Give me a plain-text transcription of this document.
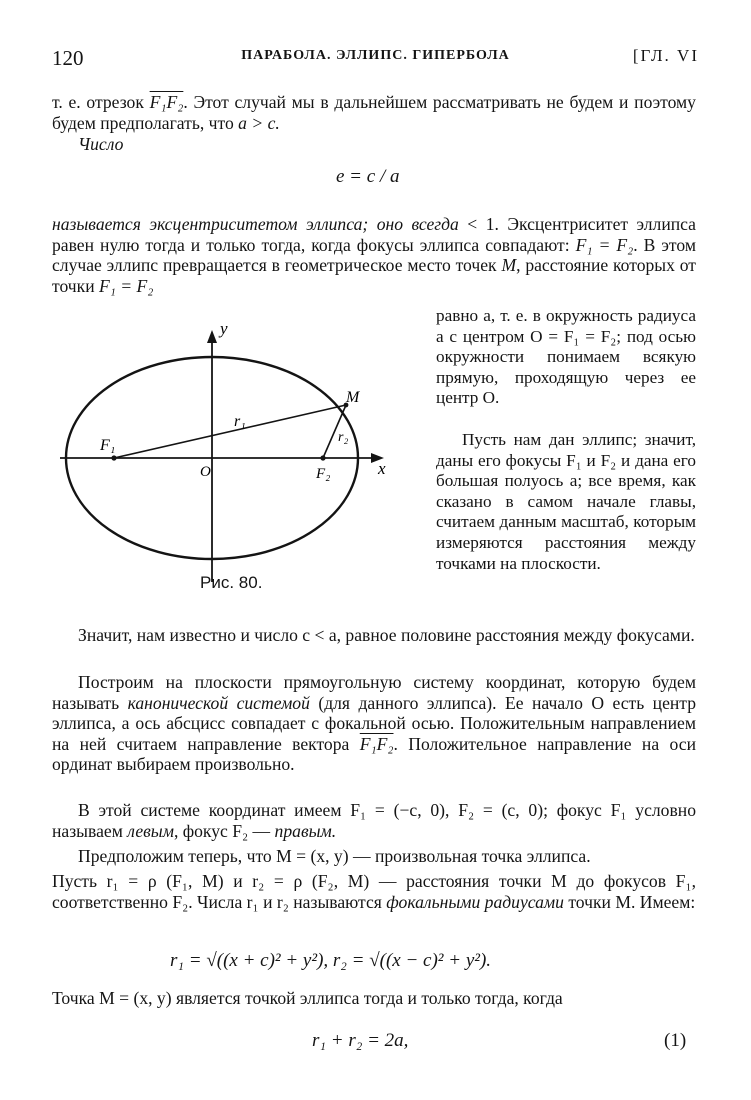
120	ПАРАБОЛА. ЭЛЛИПС. ГИПЕРБОЛА	[ГЛ. VI

т. е. отрезок F₁F₂. Этот случай мы в дальнейшем рассматривать не будем и поэтому будем предполагать, что a > c.

Число

e = c / a

называется эксцентриситетом эллипса; оно всегда < 1. Эксцентриситет эллипса равен нулю тогда и только тогда, когда фокусы эллипса совпадают: F₁ = F₂. В этом случае эллипс превращается в геометрическое место точек M, расстояние которых от точки F₁ = F₂

y
x
O
F₁
F₂
M
r₁
r₂
Рис. 80.

равно a, т. е. в окружность радиуса a с центром O = F₁ = F₂; под осью окружности понимаем всякую прямую, проходящую через ее центр O.

Пусть нам дан эллипс; значит, даны его фокусы F₁ и F₂ и дана его большая полуось a; все время, как сказано в самом начале главы, считаем данным масштаб, которым измеряются расстояния между точками на плоскости.

Значит, нам известно и число c < a, равное половине расстояния между фокусами.

Построим на плоскости прямоугольную систему координат, которую будем называть канонической системой (для данного эллипса). Ее начало O есть центр эллипса, а ось абсцисс совпадает с фокальной осью. Положительным направлением на ней считаем направление вектора F₁F₂. Положительное направление на оси ординат выбираем произвольно.

В этой системе координат имеем F₁ = (−c, 0), F₂ = (c, 0); фокус F₁ условно называем левым, фокус F₂ — правым.

Предположим теперь, что M = (x, y) — произвольная точка эллипса.

Пусть r₁ = ρ (F₁, M) и r₂ = ρ (F₂, M) — расстояния точки M до фокусов F₁, соответственно F₂. Числа r₁ и r₂ называются фокальными радиусами точки M. Имеем:

r₁ = √((x + c)² + y²), r₂ = √((x − c)² + y²).

Точка M = (x, y) является точкой эллипса тогда и только тогда, когда

r₁ + r₂ = 2a,	(1)
